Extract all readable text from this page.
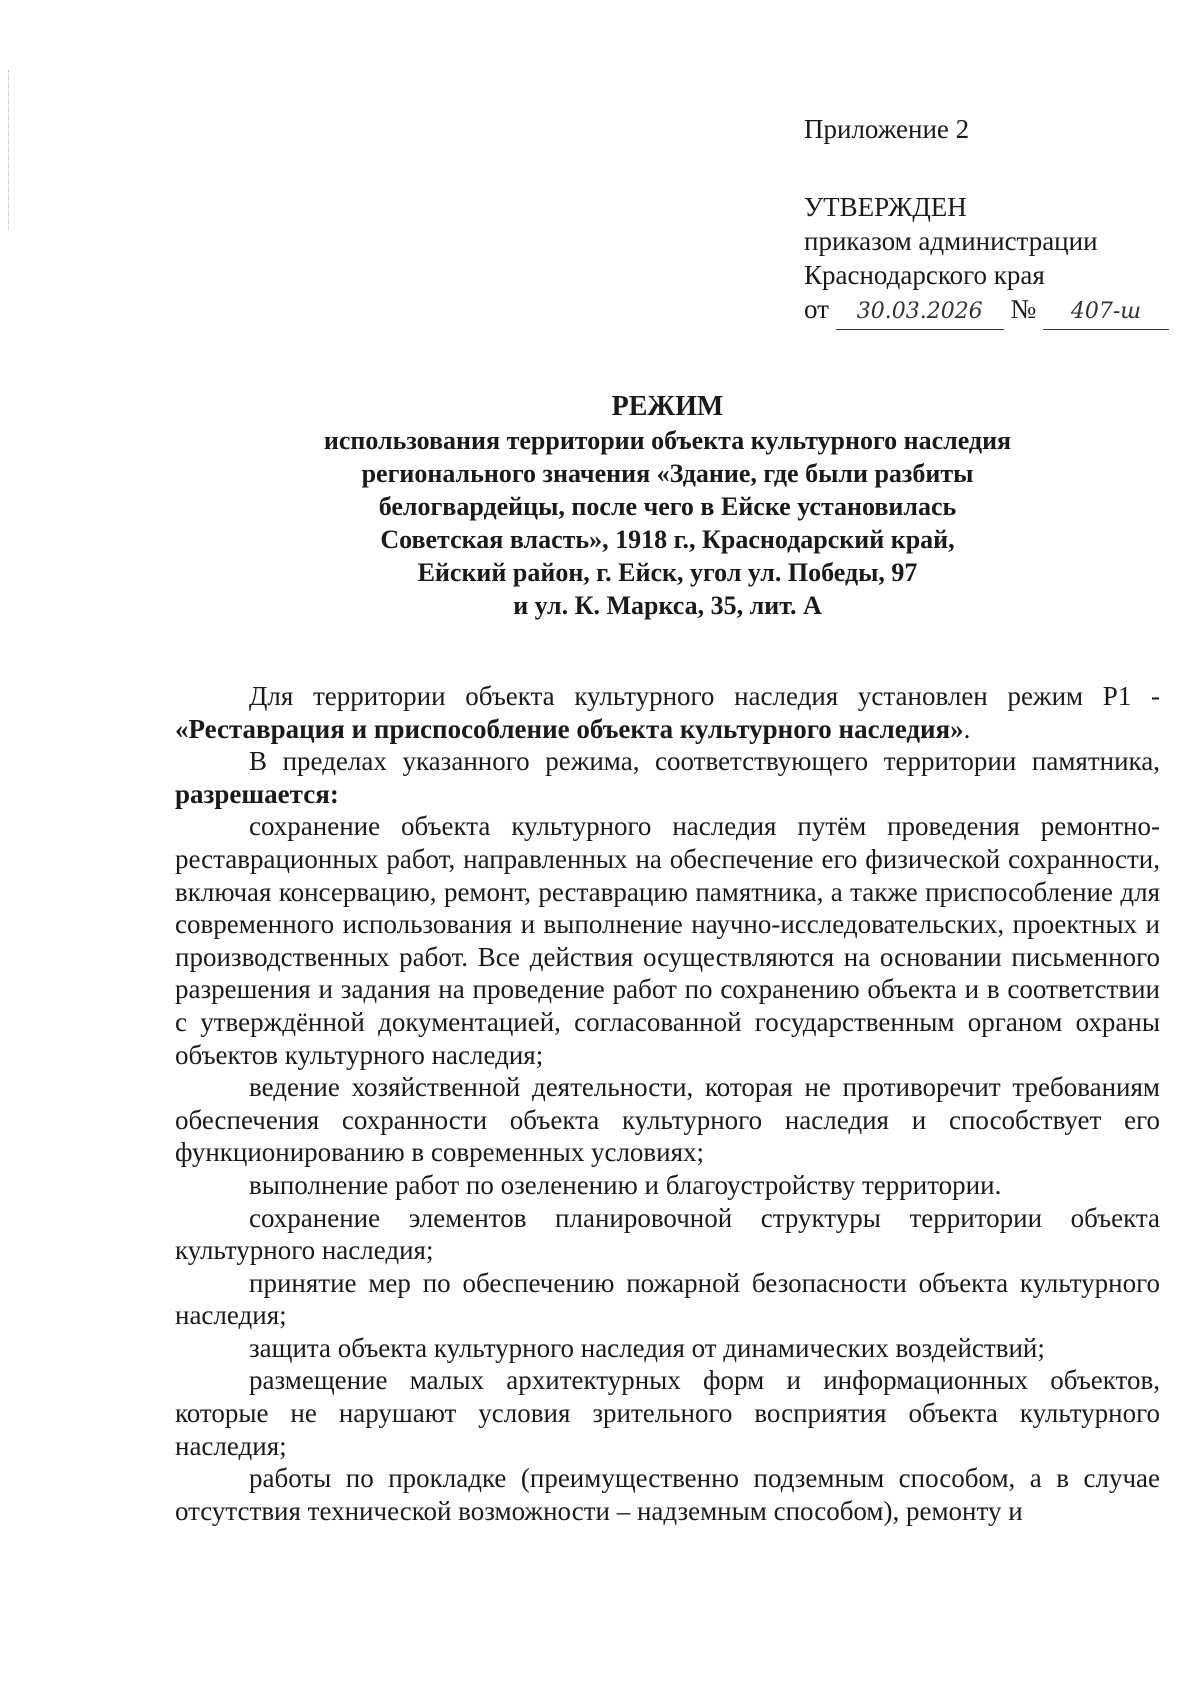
Приложение 2
УТВЕРЖДЕН
приказом администрации
Краснодарского края
от 30.03.2026 № 407-ш
РЕЖИМ
использования территории объекта культурного наследия
регионального значения «Здание, где были разбиты
белогвардейцы, после чего в Ейске установилась
Советская власть», 1918 г., Краснодарский край,
Ейский район, г. Ейск, угол ул. Победы, 97
и ул. К. Маркса, 35, лит. А

Для территории объекта культурного наследия установлен режим Р1 - «Реставрация и приспособление объекта культурного наследия».

В пределах указанного режима, соответствующего территории памятника, разрешается:

сохранение объекта культурного наследия путём проведения ремонтно-реставрационных работ, направленных на обеспечение его физической сохранности, включая консервацию, ремонт, реставрацию памятника, а также приспособление для современного использования и выполнение научно-исследовательских, проектных и производственных работ. Все действия осуществляются на основании письменного разрешения и задания на проведение работ по сохранению объекта и в соответствии с утверждённой документацией, согласованной государственным органом охраны объектов культурного наследия;

ведение хозяйственной деятельности, которая не противоречит требованиям обеспечения сохранности объекта культурного наследия и способствует его функционированию в современных условиях;

выполнение работ по озеленению и благоустройству территории.

сохранение элементов планировочной структуры территории объекта культурного наследия;

принятие мер по обеспечению пожарной безопасности объекта культурного наследия;

защита объекта культурного наследия от динамических воздействий;

размещение малых архитектурных форм и информационных объектов, которые не нарушают условия зрительного восприятия объекта культурного наследия;

работы по прокладке (преимущественно подземным способом, а в случае отсутствия технической возможности – надземным способом), ремонту и
